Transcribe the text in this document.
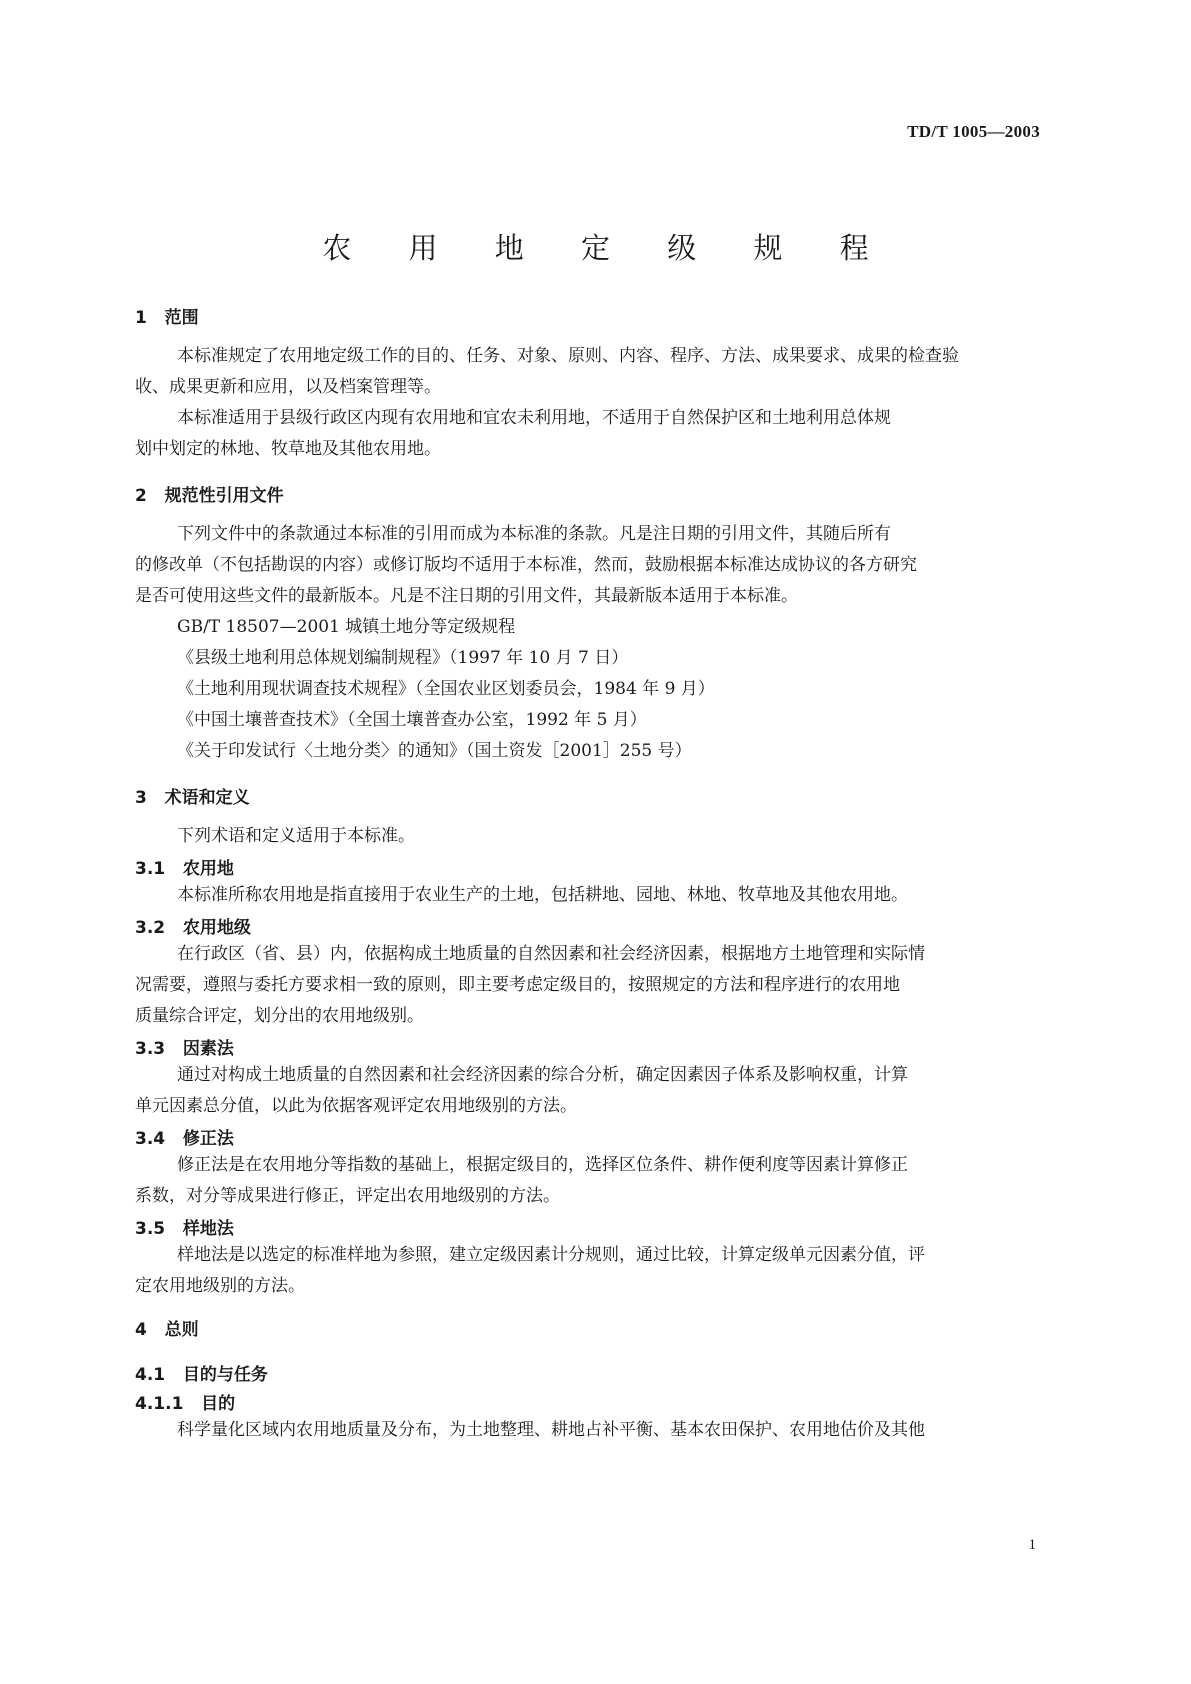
TD/T 1005—2003
农 用 地 定 级 规 程
1   范围
本标准规定了农用地定级工作的目的、任务、对象、原则、内容、程序、方法、成果要求、成果的检查验
收、成果更新和应用，以及档案管理等。
本标准适用于县级行政区内现有农用地和宜农未利用地，不适用于自然保护区和土地利用总体规
划中划定的林地、牧草地及其他农用地。
2   规范性引用文件
下列文件中的条款通过本标准的引用而成为本标准的条款。凡是注日期的引用文件，其随后所有
的修改单（不包括勘误的内容）或修订版均不适用于本标准，然而，鼓励根据本标准达成协议的各方研究
是否可使用这些文件的最新版本。凡是不注日期的引用文件，其最新版本适用于本标准。
GB/T 18507—2001 城镇土地分等定级规程
《县级土地利用总体规划编制规程》（1997 年 10 月 7 日）
《土地利用现状调查技术规程》（全国农业区划委员会，1984 年 9 月）
《中国土壤普查技术》（全国土壤普查办公室，1992 年 5 月）
《关于印发试行〈土地分类〉的通知》（国土资发［2001］255 号）
3   术语和定义
下列术语和定义适用于本标准。
3.1   农用地
本标准所称农用地是指直接用于农业生产的土地，包括耕地、园地、林地、牧草地及其他农用地。
3.2   农用地级
在行政区（省、县）内，依据构成土地质量的自然因素和社会经济因素，根据地方土地管理和实际情
况需要，遵照与委托方要求相一致的原则，即主要考虑定级目的，按照规定的方法和程序进行的农用地
质量综合评定，划分出的农用地级别。
3.3   因素法
通过对构成土地质量的自然因素和社会经济因素的综合分析，确定因素因子体系及影响权重，计算
单元因素总分值，以此为依据客观评定农用地级别的方法。
3.4   修正法
修正法是在农用地分等指数的基础上，根据定级目的，选择区位条件、耕作便利度等因素计算修正
系数，对分等成果进行修正，评定出农用地级别的方法。
3.5   样地法
样地法是以选定的标准样地为参照，建立定级因素计分规则，通过比较，计算定级单元因素分值，评
定农用地级别的方法。
4   总则
4.1   目的与任务
4.1.1   目的
科学量化区域内农用地质量及分布，为土地整理、耕地占补平衡、基本农田保护、农用地估价及其他
1
